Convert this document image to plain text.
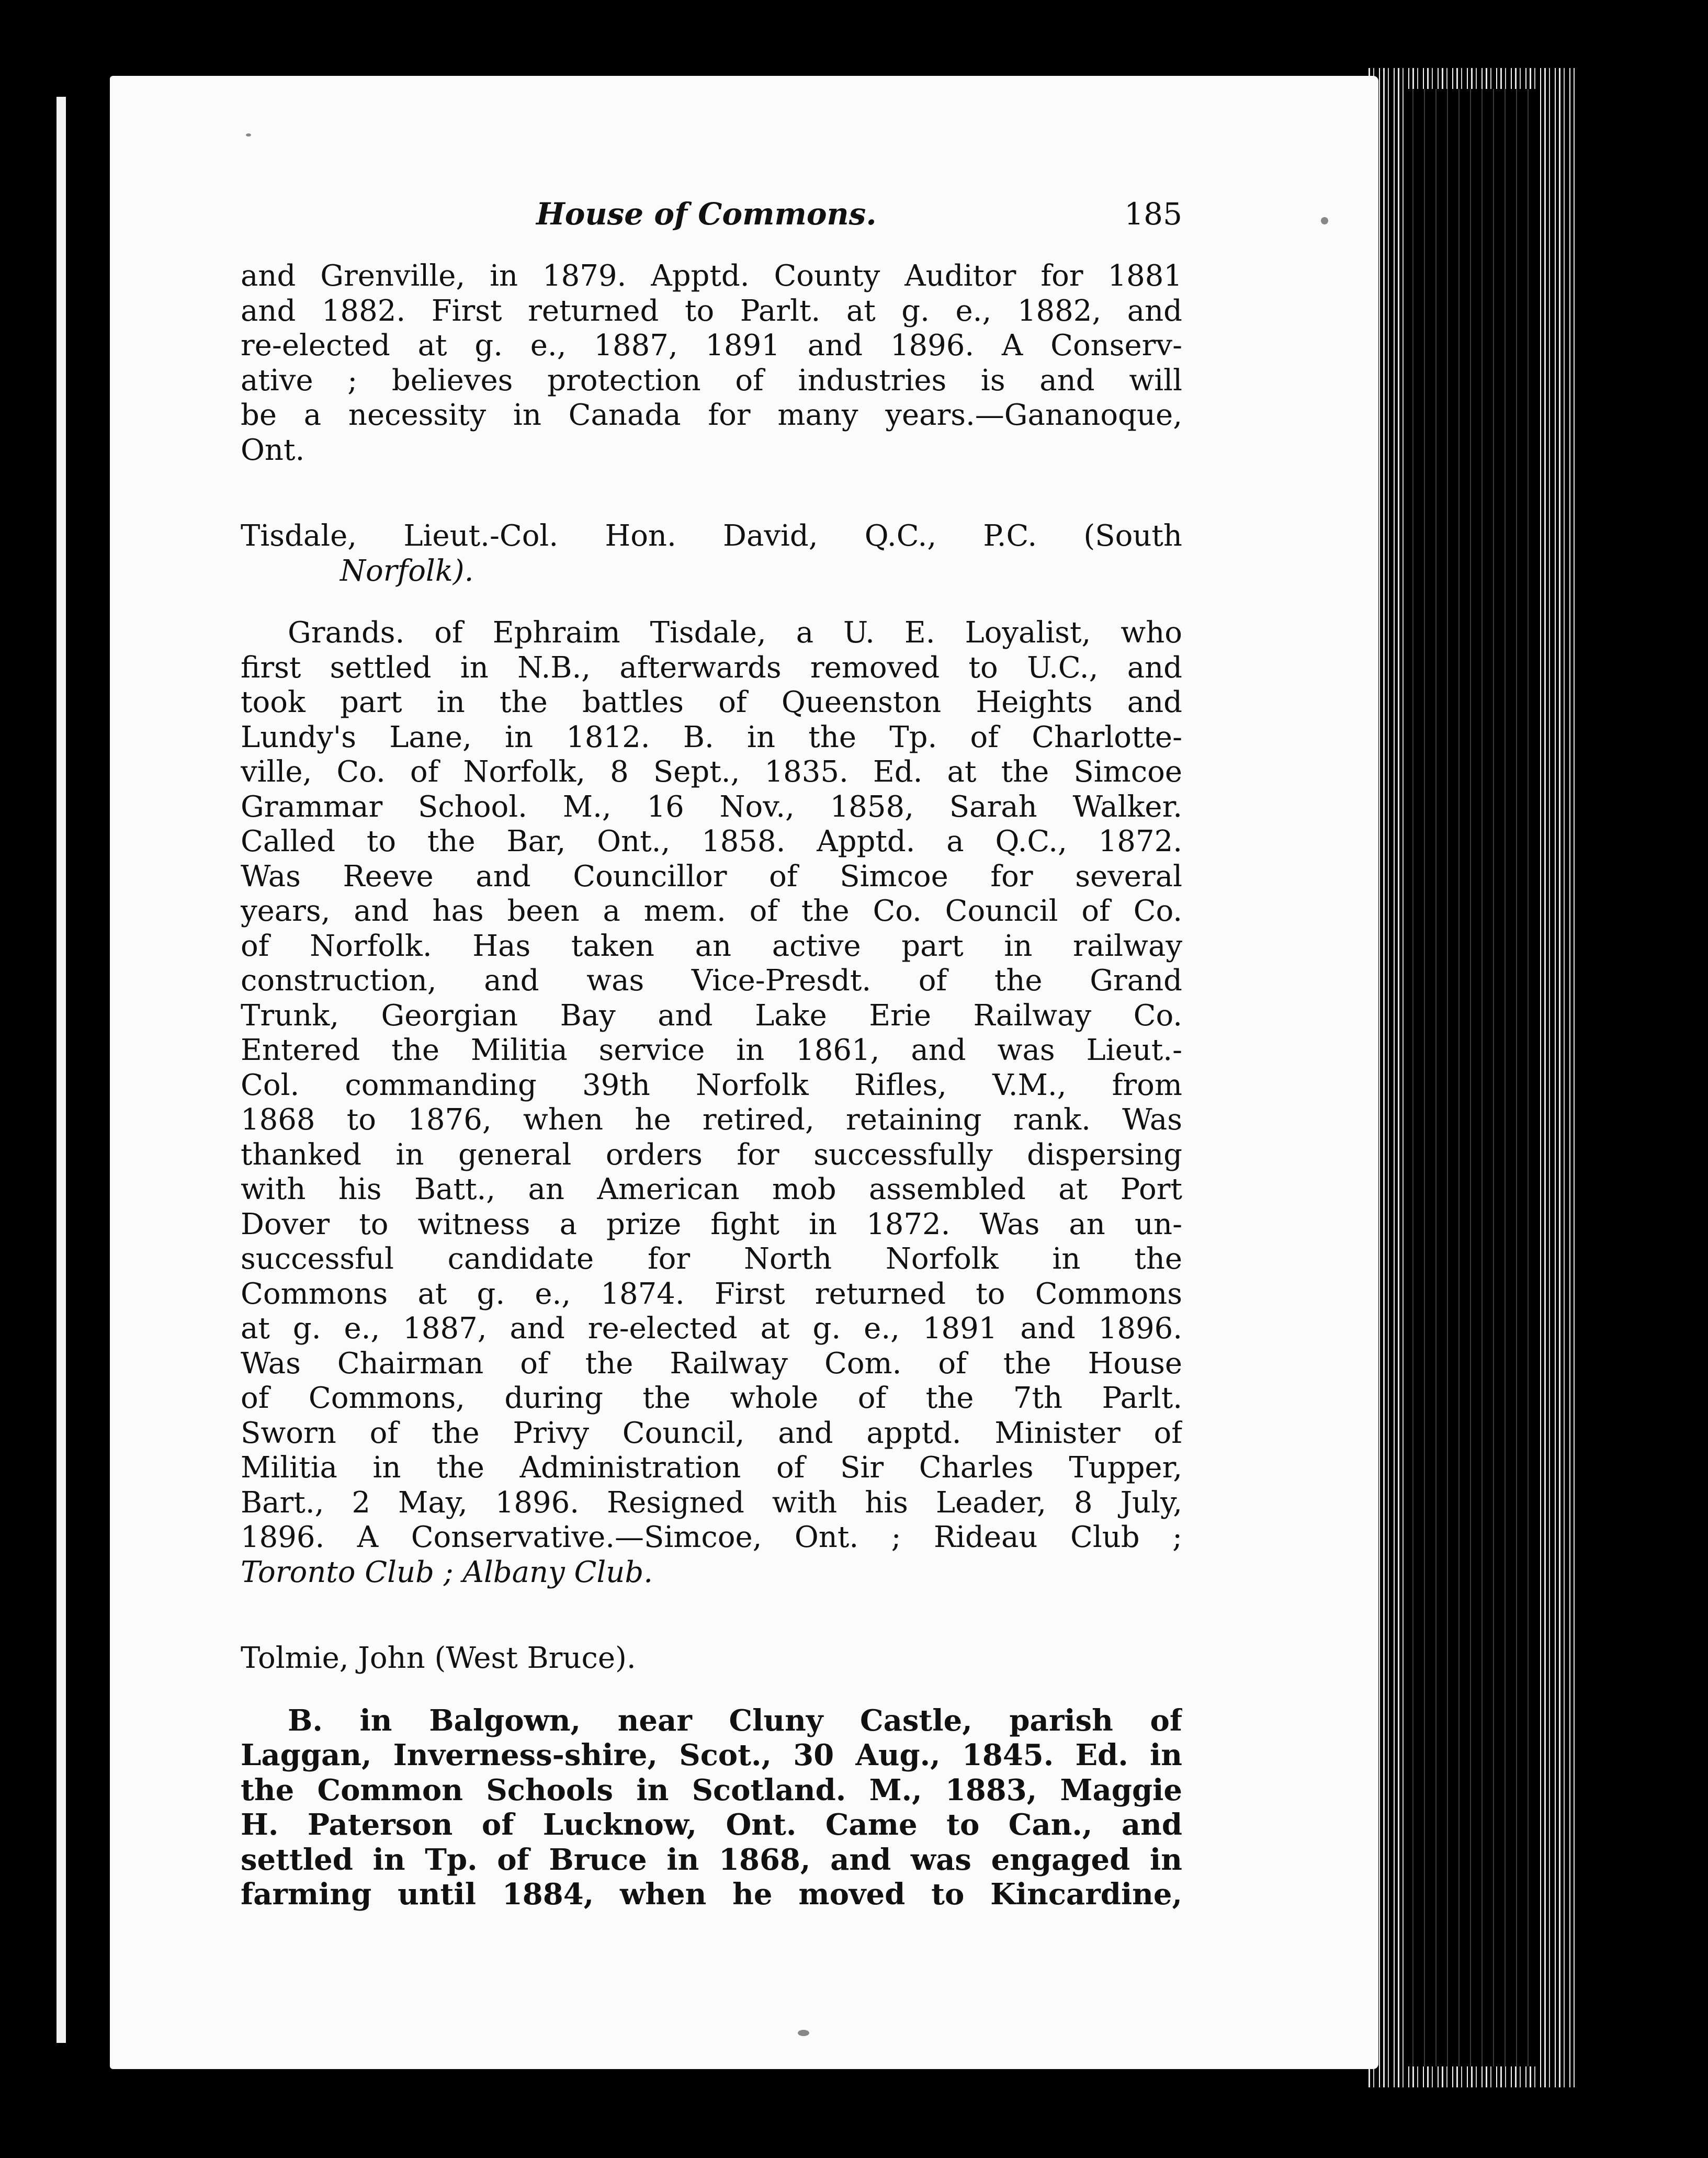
House of Commons.	185
and Grenville, in 1879. Apptd. County Auditor for 1881
and 1882. First returned to Parlt. at g. e., 1882, and
re-elected at g. e., 1887, 1891 and 1896. A Conserv-
ative ; believes protection of industries is and will
be a necessity in Canada for many years.—Gananoque,
Ont.
Tisdale, Lieut.-Col. Hon. David, Q.C., P.C. (South
Norfolk).
Grands. of Ephraim Tisdale, a U. E. Loyalist, who
first settled in N.B., afterwards removed to U.C., and
took part in the battles of Queenston Heights and
Lundy's Lane, in 1812. B. in the Tp. of Charlotte-
ville, Co. of Norfolk, 8 Sept., 1835. Ed. at the Simcoe
Grammar School. M., 16 Nov., 1858, Sarah Walker.
Called to the Bar, Ont., 1858. Apptd. a Q.C., 1872.
Was Reeve and Councillor of Simcoe for several
years, and has been a mem. of the Co. Council of Co.
of Norfolk. Has taken an active part in railway
construction, and was Vice-Presdt. of the Grand
Trunk, Georgian Bay and Lake Erie Railway Co.
Entered the Militia service in 1861, and was Lieut.-
Col. commanding 39th Norfolk Rifles, V.M., from
1868 to 1876, when he retired, retaining rank. Was
thanked in general orders for successfully dispersing
with his Batt., an American mob assembled at Port
Dover to witness a prize fight in 1872. Was an un-
successful candidate for North Norfolk in the
Commons at g. e., 1874. First returned to Commons
at g. e., 1887, and re-elected at g. e., 1891 and 1896.
Was Chairman of the Railway Com. of the House
of Commons, during the whole of the 7th Parlt.
Sworn of the Privy Council, and apptd. Minister of
Militia in the Administration of Sir Charles Tupper,
Bart., 2 May, 1896. Resigned with his Leader, 8 July,
1896. A Conservative.—Simcoe, Ont. ; Rideau Club ;
Toronto Club ; Albany Club.
Tolmie, John (West Bruce).
B. in Balgown, near Cluny Castle, parish of
Laggan, Inverness-shire, Scot., 30 Aug., 1845. Ed. in
the Common Schools in Scotland. M., 1883, Maggie
H. Paterson of Lucknow, Ont. Came to Can., and
settled in Tp. of Bruce in 1868, and was engaged in
farming until 1884, when he moved to Kincardine,
